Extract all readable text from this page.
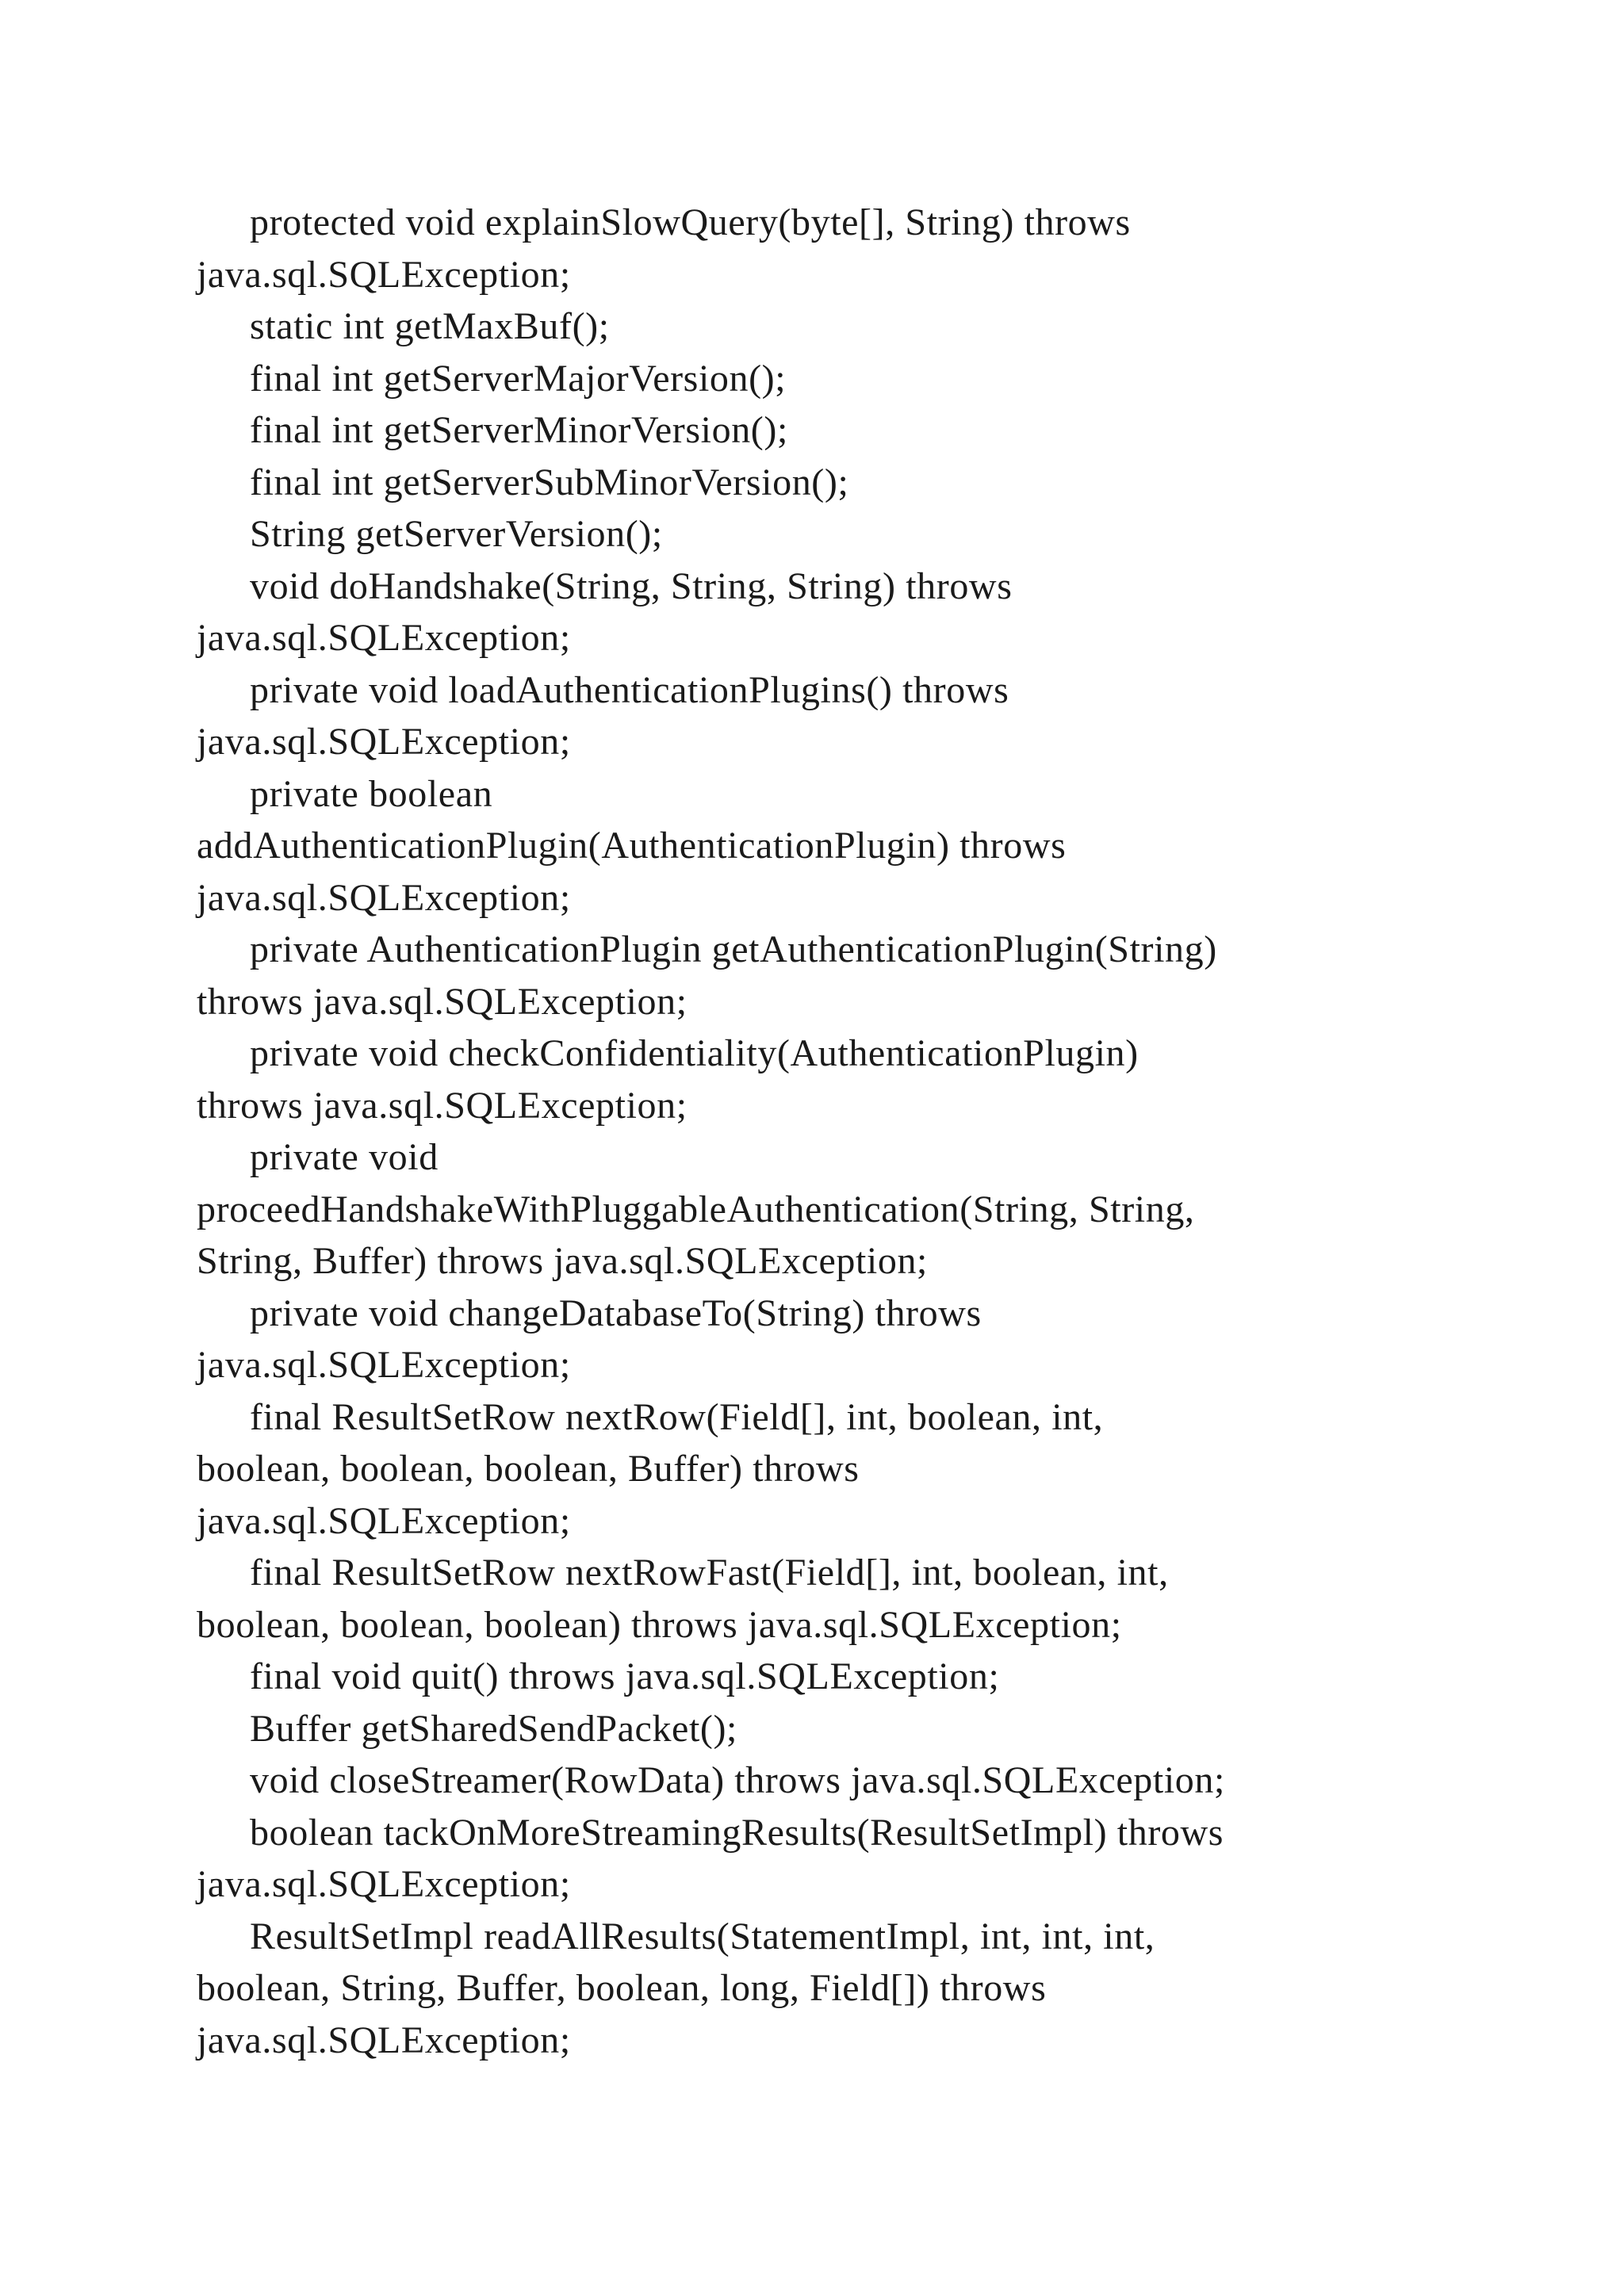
protected void explainSlowQuery(byte[], String) throws
java.sql.SQLException;
static int getMaxBuf();
final int getServerMajorVersion();
final int getServerMinorVersion();
final int getServerSubMinorVersion();
String getServerVersion();
void doHandshake(String, String, String) throws
java.sql.SQLException;
private void loadAuthenticationPlugins() throws
java.sql.SQLException;
private boolean
addAuthenticationPlugin(AuthenticationPlugin) throws
java.sql.SQLException;
private AuthenticationPlugin getAuthenticationPlugin(String)
throws java.sql.SQLException;
private void checkConfidentiality(AuthenticationPlugin)
throws java.sql.SQLException;
private void
proceedHandshakeWithPluggableAuthentication(String, String,
String, Buffer) throws java.sql.SQLException;
private void changeDatabaseTo(String) throws
java.sql.SQLException;
final ResultSetRow nextRow(Field[], int, boolean, int,
boolean, boolean, boolean, Buffer) throws
java.sql.SQLException;
final ResultSetRow nextRowFast(Field[], int, boolean, int,
boolean, boolean, boolean) throws java.sql.SQLException;
final void quit() throws java.sql.SQLException;
Buffer getSharedSendPacket();
void closeStreamer(RowData) throws java.sql.SQLException;
boolean tackOnMoreStreamingResults(ResultSetImpl) throws
java.sql.SQLException;
ResultSetImpl readAllResults(StatementImpl, int, int, int,
boolean, String, Buffer, boolean, long, Field[]) throws
java.sql.SQLException;
